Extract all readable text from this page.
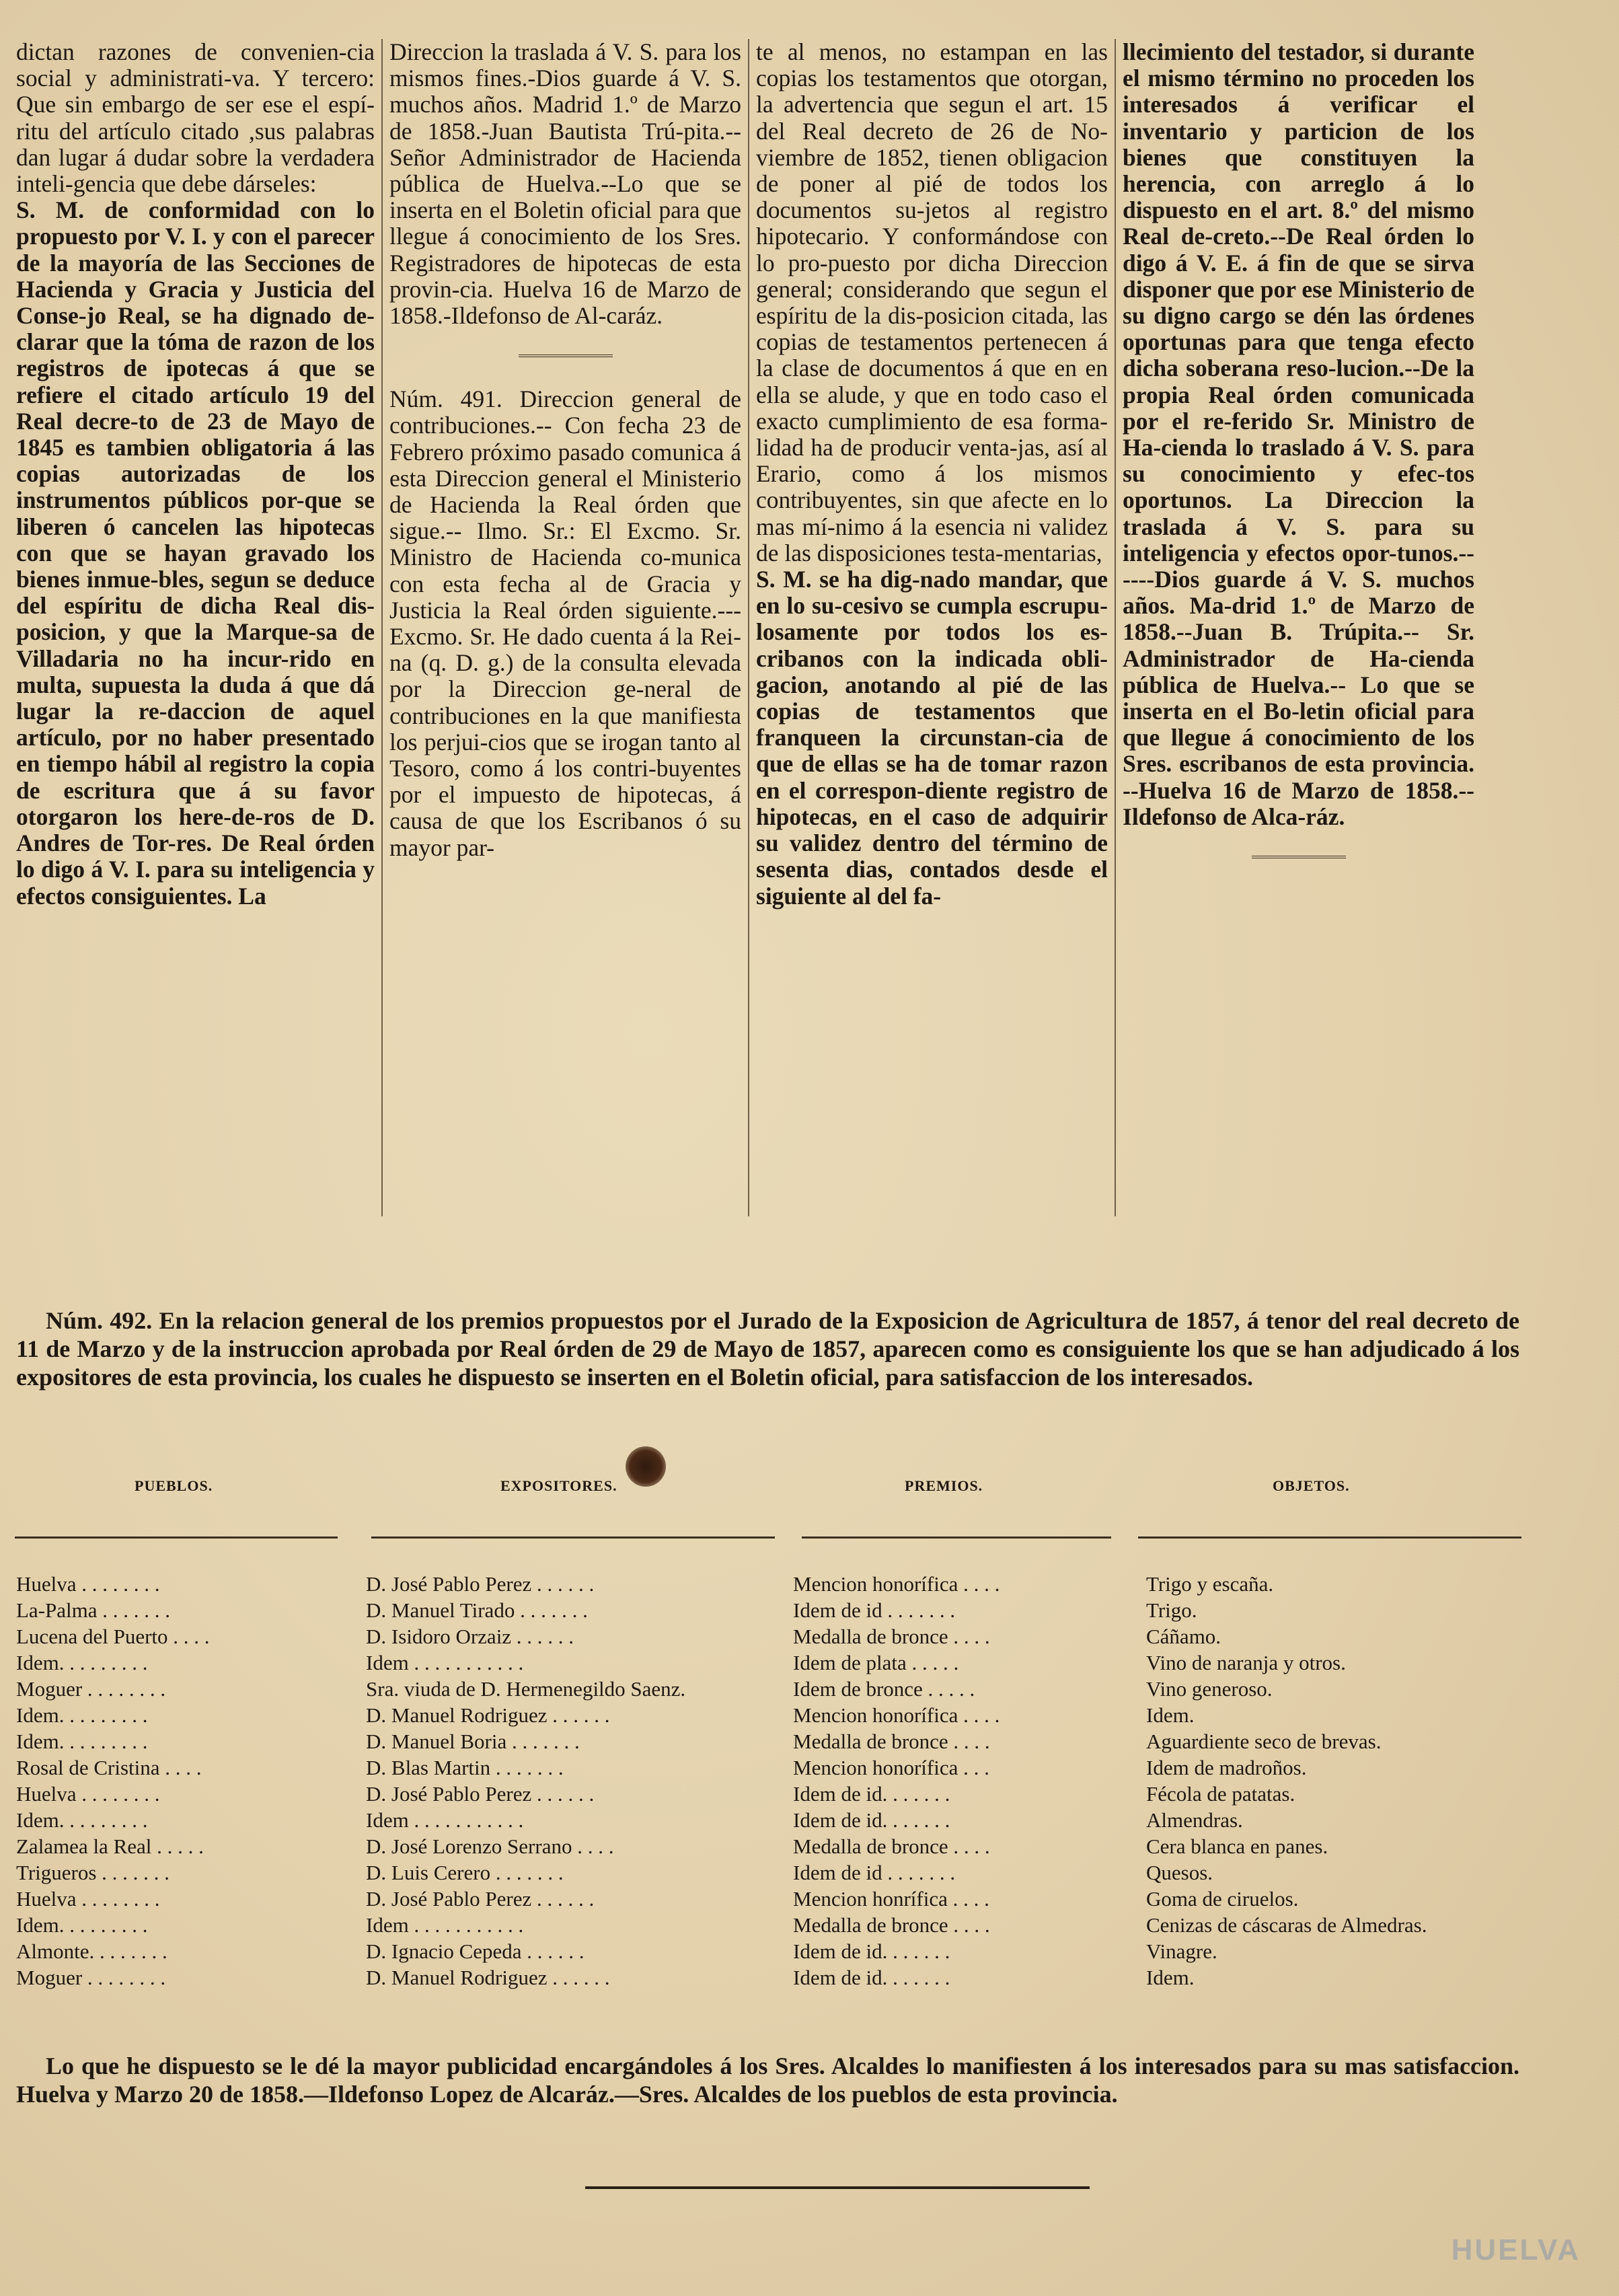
dictan razones de convenien-cia social y administrati-va. Y tercero: Que sin embargo de ser ese el espí-ritu del artículo citado ,sus palabras dan lugar á dudar sobre la verdadera inteli-gencia que debe dárseles:

S. M. de conformidad con lo propuesto por V. I. y con el parecer de la mayoría de las Secciones de Hacienda y Gracia y Justicia del Conse-jo Real, se ha dignado de-clarar que la tóma de razon de los registros de ipotecas á que se refiere el citado artículo 19 del Real decre-to de 23 de Mayo de 1845 es tambien obligatoria á las copias autorizadas de los instrumentos públicos por-que se liberen ó cancelen las hipotecas con que se hayan gravado los bienes inmue-bles, segun se deduce del espíritu de dicha Real dis-posicion, y que la Marque-sa de Villadaria no ha incur-rido en multa, supuesta la duda á que dá lugar la re-daccion de aquel artículo, por no haber presentado en tiempo hábil al registro la copia de escritura que á su favor otorgaron los here-de-ros de D. Andres de Tor-res. De Real órden lo digo á V. I. para su inteligencia y efectos consiguientes. La

Direccion la traslada á V. S. para los mismos fines.-Dios guarde á V. S. muchos años. Madrid 1.º de Marzo de 1858.-Juan Bautista Trú-pita.--Señor Administrador de Hacienda pública de Huelva.--Lo que se inserta en el Boletin oficial para que llegue á conocimiento de los Sres. Registradores de hipotecas de esta provin-cia. Huelva 16 de Marzo de 1858.-Ildefonso de Al-caráz.

Núm. 491. Direccion general de contribuciones.-- Con fecha 23 de Febrero próximo pasado comunica á esta Direccion general el Ministerio de Hacienda la Real órden que sigue.-- Ilmo. Sr.: El Excmo. Sr. Ministro de Hacienda co-munica con esta fecha al de Gracia y Justicia la Real órden siguiente.---Excmo. Sr. He dado cuenta á la Rei-na (q. D. g.) de la consulta elevada por la Direccion ge-neral de contribuciones en la que manifiesta los perjui-cios que se irogan tanto al Tesoro, como á los contri-buyentes por el impuesto de hipotecas, á causa de que los Escribanos ó su mayor par-

te al menos, no estampan en las copias los testamentos que otorgan, la advertencia que segun el art. 15 del Real decreto de 26 de No-viembre de 1852, tienen obligacion de poner al pié de todos los documentos su-jetos al registro hipotecario. Y conformándose con lo pro-puesto por dicha Direccion general; considerando que segun el espíritu de la dis-posicion citada, las copias de testamentos pertenecen á la clase de documentos á que en en ella se alude, y que en todo caso el exacto cumplimiento de esa forma-lidad ha de producir venta-jas, así al Erario, como á los mismos contribuyentes, sin que afecte en lo mas mí-nimo á la esencia ni validez de las disposiciones testa-mentarias,

S. M. se ha dig-nado mandar, que en lo su-cesivo se cumpla escrupu-losamente por todos los es-cribanos con la indicada obli-gacion, anotando al pié de las copias de testamentos que franqueen la circunstan-cia de que de ellas se ha de tomar razon en el correspon-diente registro de hipotecas, en el caso de adquirir su validez dentro del término de sesenta dias, contados desde el siguiente al del fa-

llecimiento del testador, si durante el mismo término no proceden los interesados á verificar el inventario y particion de los bienes que constituyen la herencia, con arreglo á lo dispuesto en el art. 8.º del mismo Real de-creto.--De Real órden lo digo á V. E. á fin de que se sirva disponer que por ese Ministerio de su digno cargo se dén las órdenes oportunas para que tenga efecto dicha soberana reso-lucion.--De la propia Real órden comunicada por el re-ferido Sr. Ministro de Ha-cienda lo traslado á V. S. para su conocimiento y efec-tos oportunos. La Direccion la traslada á V. S. para su inteligencia y efectos opor-tunos.------Dios guarde á V. S. muchos años. Ma-drid 1.º de Marzo de 1858.--Juan B. Trúpita.-- Sr. Administrador de Ha-cienda pública de Huelva.-- Lo que se inserta en el Bo-letin oficial para que llegue á conocimiento de los Sres. escribanos de esta provincia. --Huelva 16 de Marzo de 1858.--Ildefonso de Alca-ráz.

Núm. 492. En la relacion general de los premios propuestos por el Jurado de la Exposicion de Agricultura de 1857, á tenor del real decreto de 11 de Marzo y de la instruccion aprobada por Real órden de 29 de Mayo de 1857, aparecen como es consiguiente los que se han adjudicado á los expositores de esta provincia, los cuales he dispuesto se inserten en el Boletin oficial, para satisfaccion de los interesados.

PUEBLOS.	EXPOSITORES.	PREMIOS.	OBJETOS.
Huelva . . . . . . . .	D. José Pablo Perez . . . . . .	Mencion honorífica . . . .	Trigo y escaña.
La-Palma . . . . . . .	D. Manuel Tirado . . . . . . .	Idem de id . . . . . . .	Trigo.
Lucena del Puerto . . . .	D. Isidoro Orzaiz . . . . . .	Medalla de bronce . . . .	Cáñamo.
Idem. . . . . . . . .	Idem . . . . . . . . . . .	Idem de plata . . . . .	Vino de naranja y otros.
Moguer . . . . . . . .	Sra. viuda de D. Hermenegildo Saenz.	Idem de bronce . . . . .	Vino generoso.
Idem. . . . . . . . .	D. Manuel Rodriguez . . . . . .	Mencion honorífica . . . .	Idem.
Idem. . . . . . . . .	D. Manuel Boria . . . . . . .	Medalla de bronce . . . .	Aguardiente seco de brevas.
Rosal de Cristina . . . .	D. Blas Martin . . . . . . .	Mencion honorífica . . .	Idem de madroños.
Huelva . . . . . . . .	D. José Pablo Perez . . . . . .	Idem de id. . . . . . .	Fécola de patatas.
Idem. . . . . . . . .	Idem . . . . . . . . . . .	Idem de id. . . . . . .	Almendras.
Zalamea la Real . . . . .	D. José Lorenzo Serrano . . . .	Medalla de bronce . . . .	Cera blanca en panes.
Trigueros . . . . . . .	D. Luis Cerero . . . . . . .	Idem de id . . . . . . .	Quesos.
Huelva . . . . . . . .	D. José Pablo Perez . . . . . .	Mencion honrífica . . . .	Goma de ciruelos.
Idem. . . . . . . . .	Idem . . . . . . . . . . .	Medalla de bronce . . . .	Cenizas de cáscaras de Almedras.
Almonte. . . . . . . .	D. Ignacio Cepeda . . . . . .	Idem de id. . . . . . .	Vinagre.
Moguer . . . . . . . .	D. Manuel Rodriguez . . . . . .	Idem de id. . . . . . .	Idem.

Lo que he dispuesto se le dé la mayor publicidad encargándoles á los Sres. Alcaldes lo manifiesten á los interesados para su mas satisfaccion. Huelva y Marzo 20 de 1858.—Ildefonso Lopez de Alcaráz.—Sres. Alcaldes de los pueblos de esta provincia.

HUELVA
